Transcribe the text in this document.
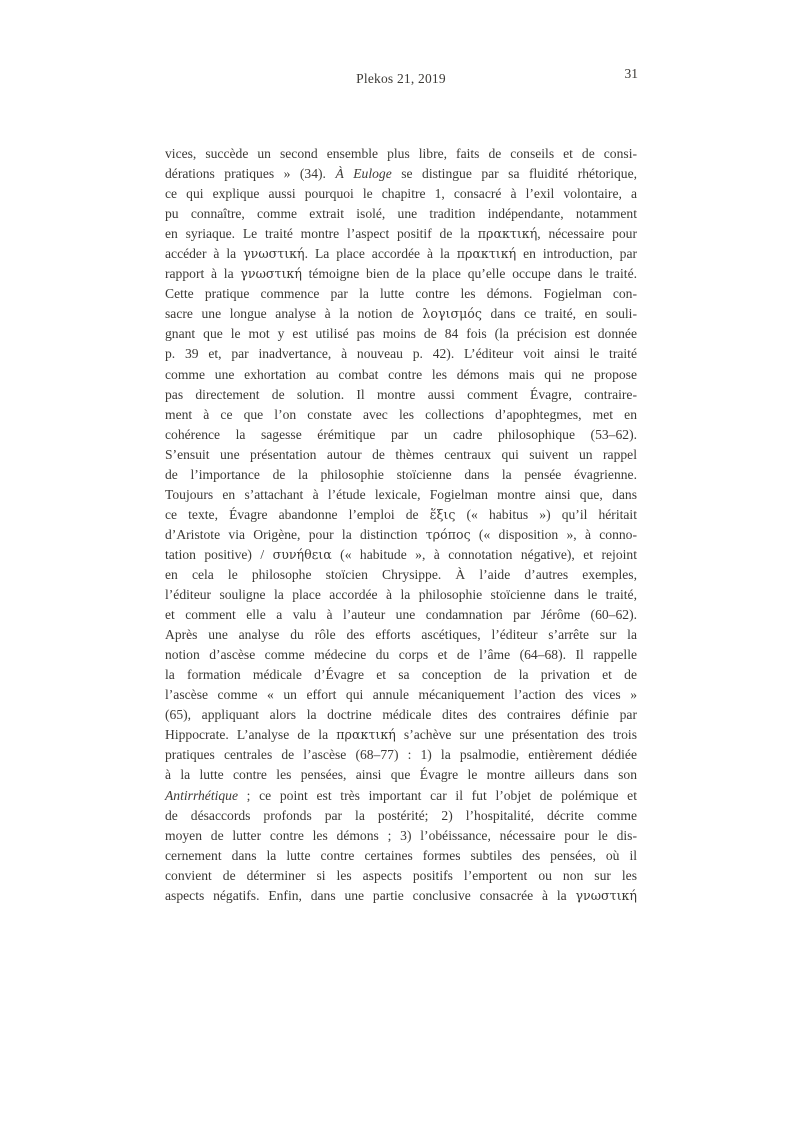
Plekos 21, 2019	31
vices, succède un second ensemble plus libre, faits de conseils et de consi-
dérations pratiques » (34). À Euloge se distingue par sa fluidité rhétorique,
ce qui explique aussi pourquoi le chapitre 1, consacré à l’exil volontaire, a
pu connaître, comme extrait isolé, une tradition indépendante, notamment
en syriaque. Le traité montre l’aspect positif de la πρακτική, nécessaire pour
accéder à la γνωστική. La place accordée à la πρακτική en introduction, par
rapport à la γνωστική témoigne bien de la place qu’elle occupe dans le traité.
Cette pratique commence par la lutte contre les démons. Fogielman con-
sacre une longue analyse à la notion de λογισμός dans ce traité, en souli-
gnant que le mot y est utilisé pas moins de 84 fois (la précision est donnée
p. 39 et, par inadvertance, à nouveau p. 42). L’éditeur voit ainsi le traité
comme une exhortation au combat contre les démons mais qui ne propose
pas directement de solution. Il montre aussi comment Évagre, contraire-
ment à ce que l’on constate avec les collections d’apophtegmes, met en
cohérence la sagesse érémitique par un cadre philosophique (53–62).
S’ensuit une présentation autour de thèmes centraux qui suivent un rappel
de l’importance de la philosophie stoïcienne dans la pensée évagrienne.
Toujours en s’attachant à l’étude lexicale, Fogielman montre ainsi que, dans
ce texte, Évagre abandonne l’emploi de ἕξις (« habitus ») qu’il héritait
d’Aristote via Origène, pour la distinction τρόπος (« disposition », à conno-
tation positive) / συνήθεια (« habitude », à connotation négative), et rejoint
en cela le philosophe stoïcien Chrysippe. À l’aide d’autres exemples,
l’éditeur souligne la place accordée à la philosophie stoïcienne dans le traité,
et comment elle a valu à l’auteur une condamnation par Jérôme (60–62).
Après une analyse du rôle des efforts ascétiques, l’éditeur s’arrête sur la
notion d’ascèse comme médecine du corps et de l’âme (64–68). Il rappelle
la formation médicale d’Évagre et sa conception de la privation et de
l’ascèse comme « un effort qui annule mécaniquement l’action des vices »
(65), appliquant alors la doctrine médicale dites des contraires définie par
Hippocrate. L’analyse de la πρακτική s’achève sur une présentation des trois
pratiques centrales de l’ascèse (68–77) : 1) la psalmodie, entièrement dédiée
à la lutte contre les pensées, ainsi que Évagre le montre ailleurs dans son
Antirrhétique ; ce point est très important car il fut l’objet de polémique et
de désaccords profonds par la postérité; 2) l’hospitalité, décrite comme
moyen de lutter contre les démons ; 3) l’obéissance, nécessaire pour le dis-
cernement dans la lutte contre certaines formes subtiles des pensées, où il
convient de déterminer si les aspects positifs l’emportent ou non sur les
aspects négatifs. Enfin, dans une partie conclusive consacrée à la γνωστική
